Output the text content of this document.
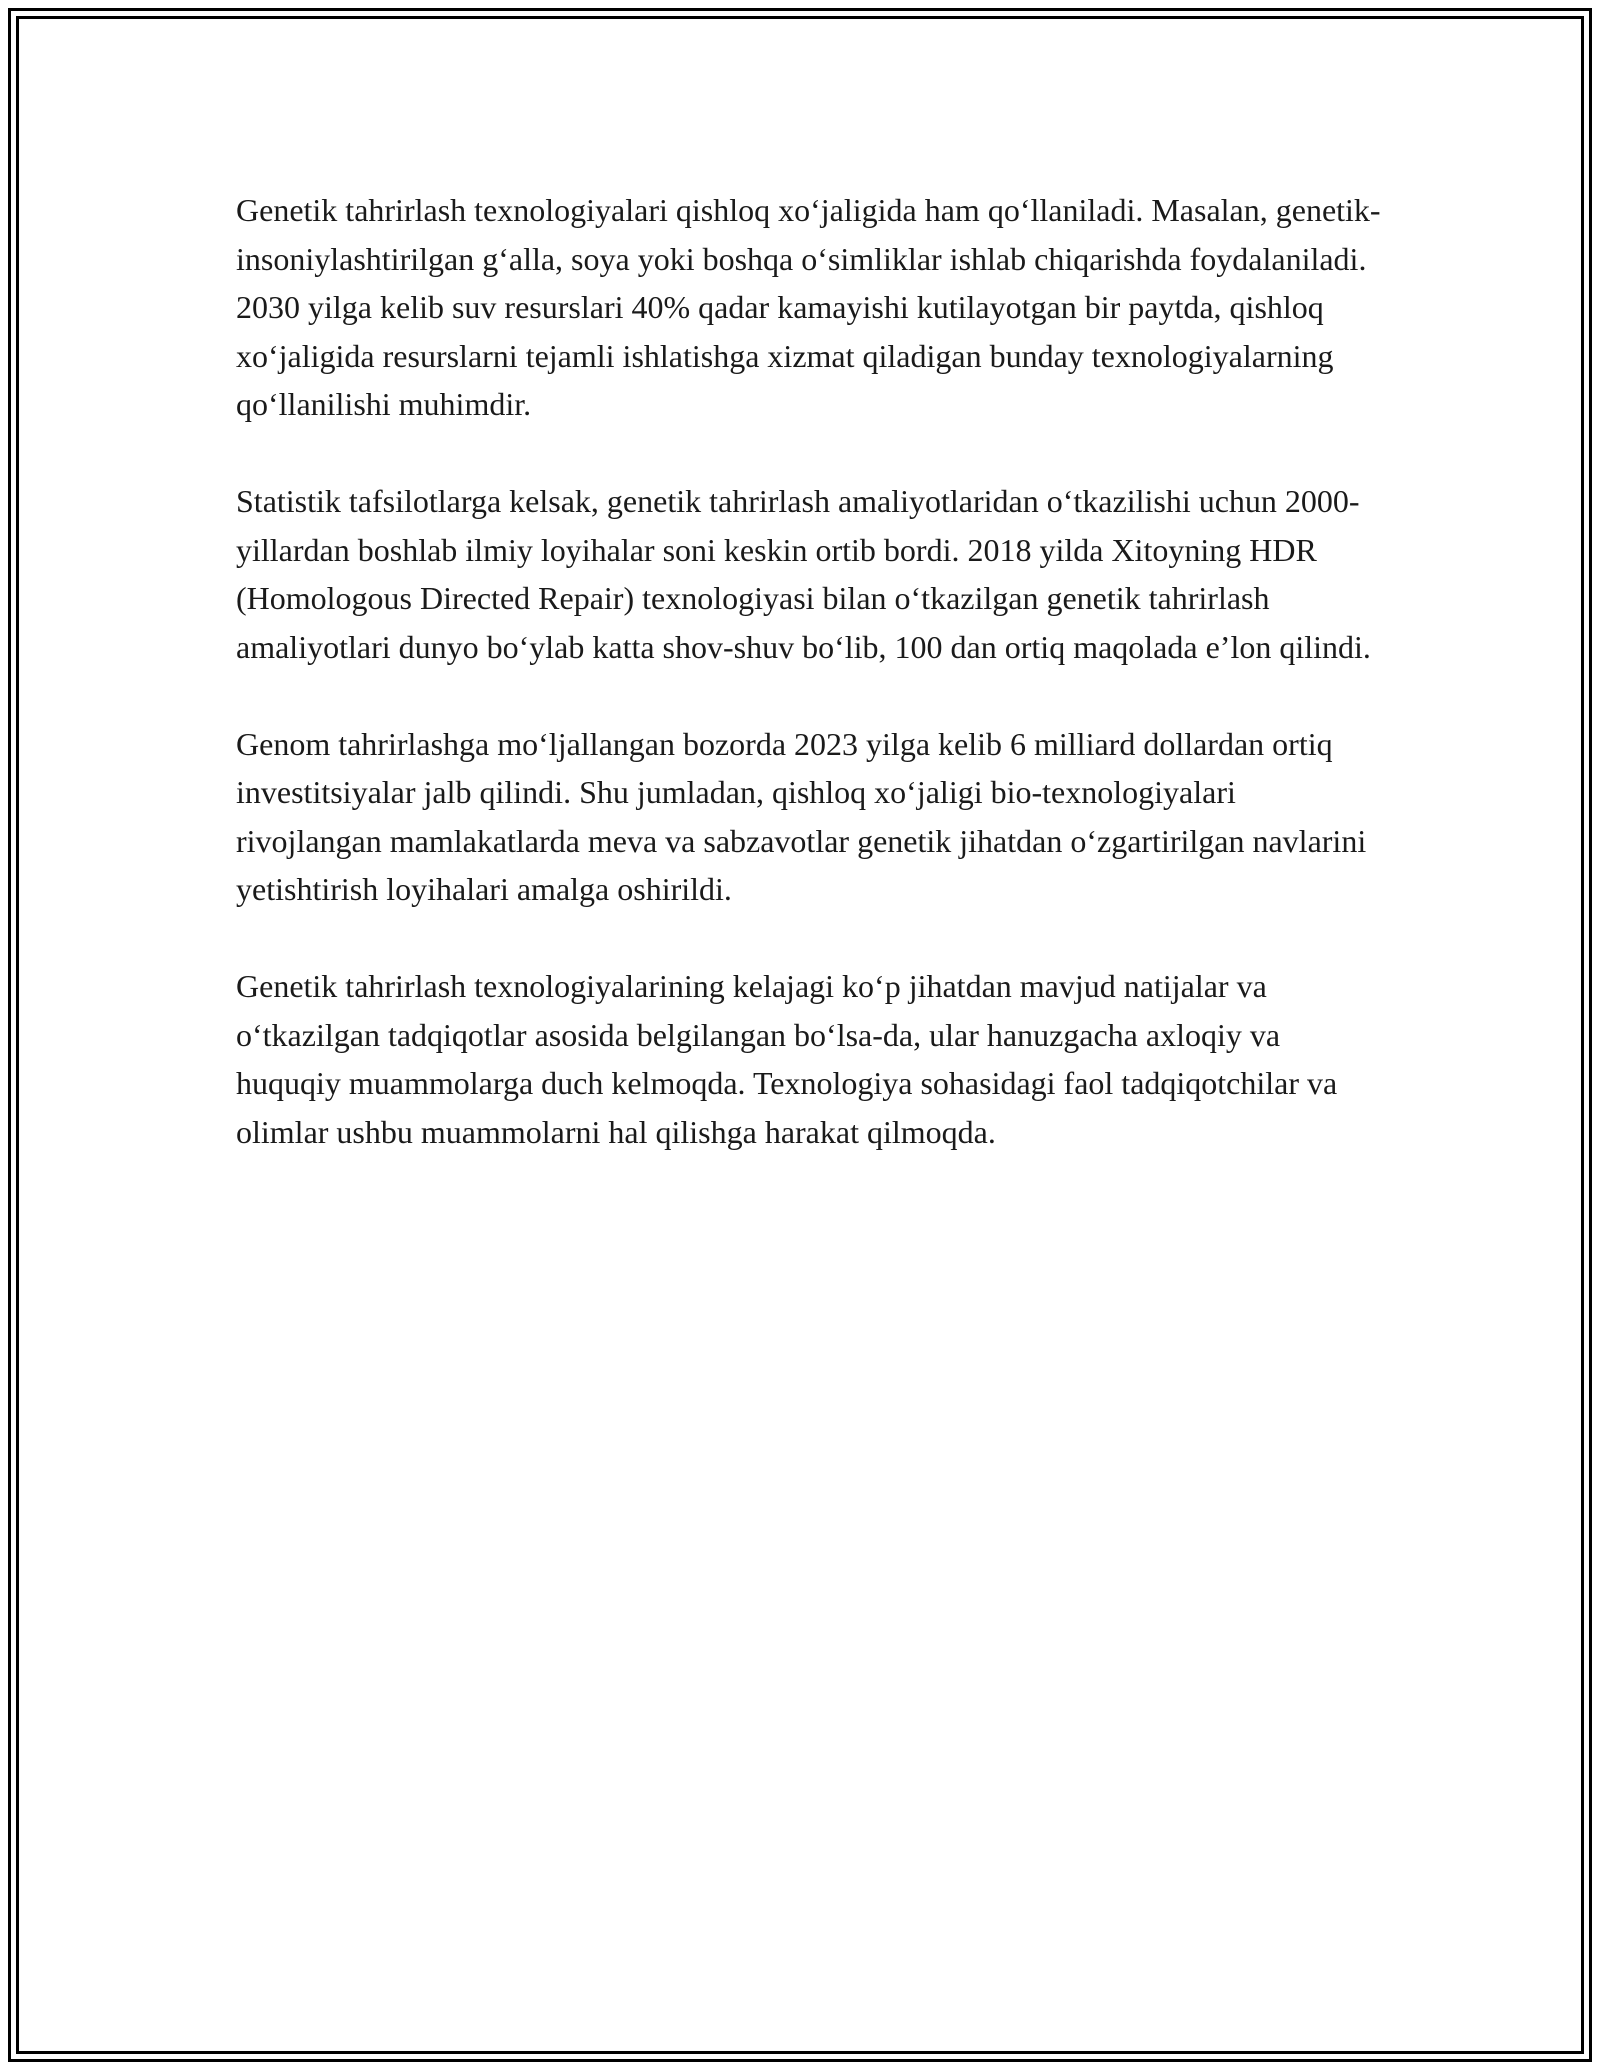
Genetik tahrirlash texnologiyalari qishloq xo‘jaligida ham qo‘llaniladi. Masalan, genetik-insoniylashtirilgan g‘alla, soya yoki boshqa o‘simliklar ishlab chiqarishda foydalaniladi. 2030 yilga kelib suv resurslari 40% qadar kamayishi kutilayotgan bir paytda, qishloq xo‘jaligida resurslarni tejamli ishlatishga xizmat qiladigan bunday texnologiyalarning qo‘llanilishi muhimdir.

Statistik tafsilotlarga kelsak, genetik tahrirlash amaliyotlaridan o‘tkazilishi uchun 2000-yillardan boshlab ilmiy loyihalar soni keskin ortib bordi. 2018 yilda Xitoyning HDR (Homologous Directed Repair) texnologiyasi bilan o‘tkazilgan genetik tahrirlash amaliyotlari dunyo bo‘ylab katta shov-shuv bo‘lib, 100 dan ortiq maqolada e’lon qilindi.

Genom tahrirlashga mo‘ljallangan bozorda 2023 yilga kelib 6 milliard dollardan ortiq investitsiyalar jalb qilindi. Shu jumladan, qishloq xo‘jaligi bio-texnologiyalari rivojlangan mamlakatlarda meva va sabzavotlar genetik jihatdan o‘zgartirilgan navlarini yetishtirish loyihalari amalga oshirildi.

Genetik tahrirlash texnologiyalarining kelajagi ko‘p jihatdan mavjud natijalar va o‘tkazilgan tadqiqotlar asosida belgilangan bo‘lsa-da, ular hanuzgacha axloqiy va huquqiy muammolarga duch kelmoqda. Texnologiya sohasidagi faol tadqiqotchilar va olimlar ushbu muammolarni hal qilishga harakat qilmoqda.
